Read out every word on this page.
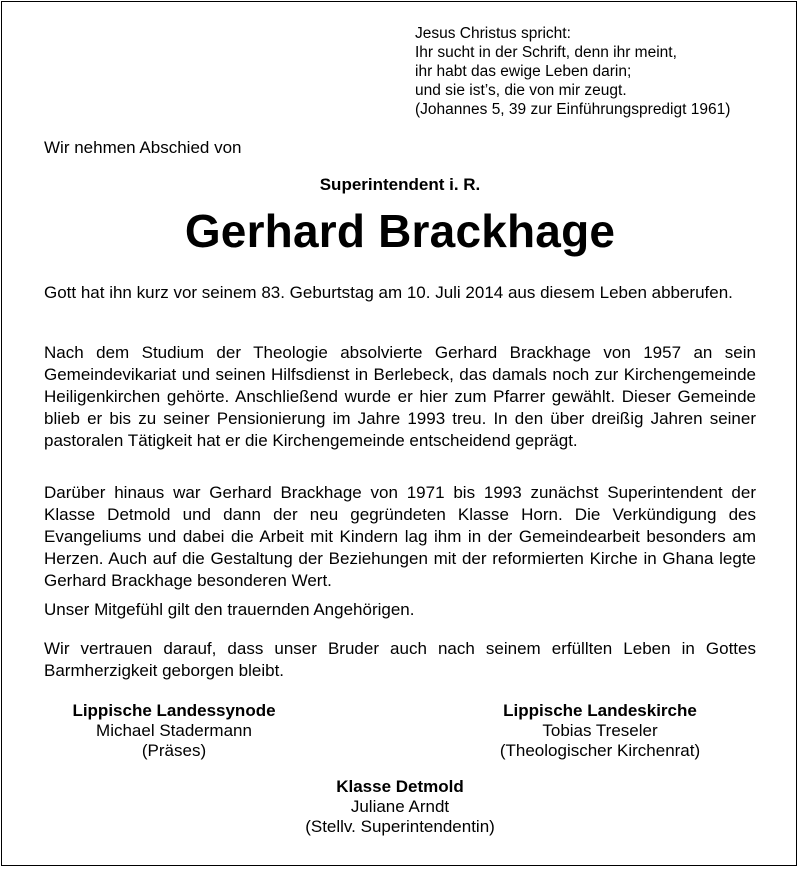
Jesus Christus spricht:
Ihr sucht in der Schrift, denn ihr meint,
ihr habt das ewige Leben darin;
und sie ist’s, die von mir zeugt.
(Johannes 5, 39 zur Einführungspredigt 1961)
Wir nehmen Abschied von
Superintendent i. R.
Gerhard Brackhage
Gott hat ihn kurz vor seinem 83. Geburtstag am 10. Juli 2014 aus diesem Leben abberufen.
Nach dem Studium der Theologie absolvierte Gerhard Brackhage von 1957 an sein Gemeindevikariat und seinen Hilfsdienst in Berlebeck, das damals noch zur Kirchengemeinde Heiligenkirchen gehörte. Anschließend wurde er hier zum Pfarrer gewählt. Dieser Gemeinde blieb er bis zu seiner Pensionierung im Jahre 1993 treu. In den über dreißig Jahren seiner pastoralen Tätigkeit hat er die Kirchengemeinde entscheidend geprägt.
Darüber hinaus war Gerhard Brackhage von 1971 bis 1993 zunächst Superintendent der Klasse Detmold und dann der neu gegründeten Klasse Horn. Die Verkündigung des Evangeliums und dabei die Arbeit mit Kindern lag ihm in der Gemeindearbeit besonders am Herzen. Auch auf die Gestaltung der Beziehungen mit der reformierten Kirche in Ghana legte Gerhard Brackhage besonderen Wert.
Unser Mitgefühl gilt den trauernden Angehörigen.
Wir vertrauen darauf, dass unser Bruder auch nach seinem erfüllten Leben in Gottes Barmherzigkeit geborgen bleibt.
Lippische Landessynode
Michael Stadermann
(Präses)
Lippische Landeskirche
Tobias Treseler
(Theologischer Kirchenrat)
Klasse Detmold
Juliane Arndt
(Stellv. Superintendentin)
